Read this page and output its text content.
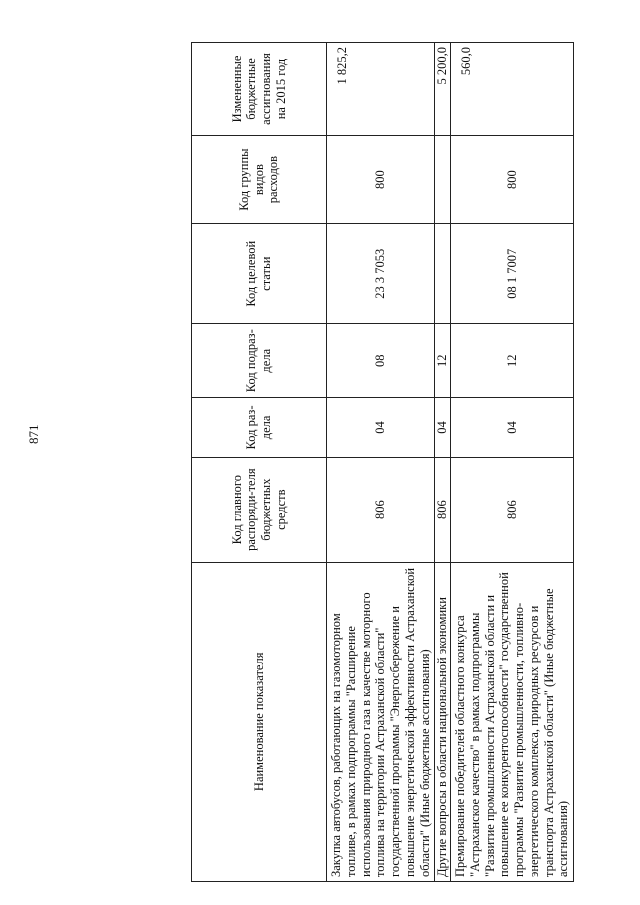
871
Наименование показателя	Код главного распоряди-теля бюджетных средств	Код раз-дела	Код подраз-дела	Код целевой статьи	Код группы видов расходов	Измененные бюджетные ассигнования на 2015 год
Закупка автобусов, работающих на газомоторном топливе, в рамках подпрограммы "Расширение использования природного газа в качестве моторного топлива на территории Астраханской области" государственной программы "Энергосбережение и повышение энергетической эффективности Астраханской области" (Иные бюджетные ассигнования)	806	04	08	23 3 7053	800	1 825,2
Другие вопросы в области национальной экономики	806	04	12			5 200,0
Премирование победителей областного конкурса "Астраханское качество" в рамках подпрограммы "Развитие промышленности Астраханской области и повышение ее конкурентоспособности" государственной программы "Развитие промышленности, топливно-энергетического комплекса, природных ресурсов и транспорта Астраханской области" (Иные бюджетные ассигнования)	806	04	12	08 1 7007	800	560,0
